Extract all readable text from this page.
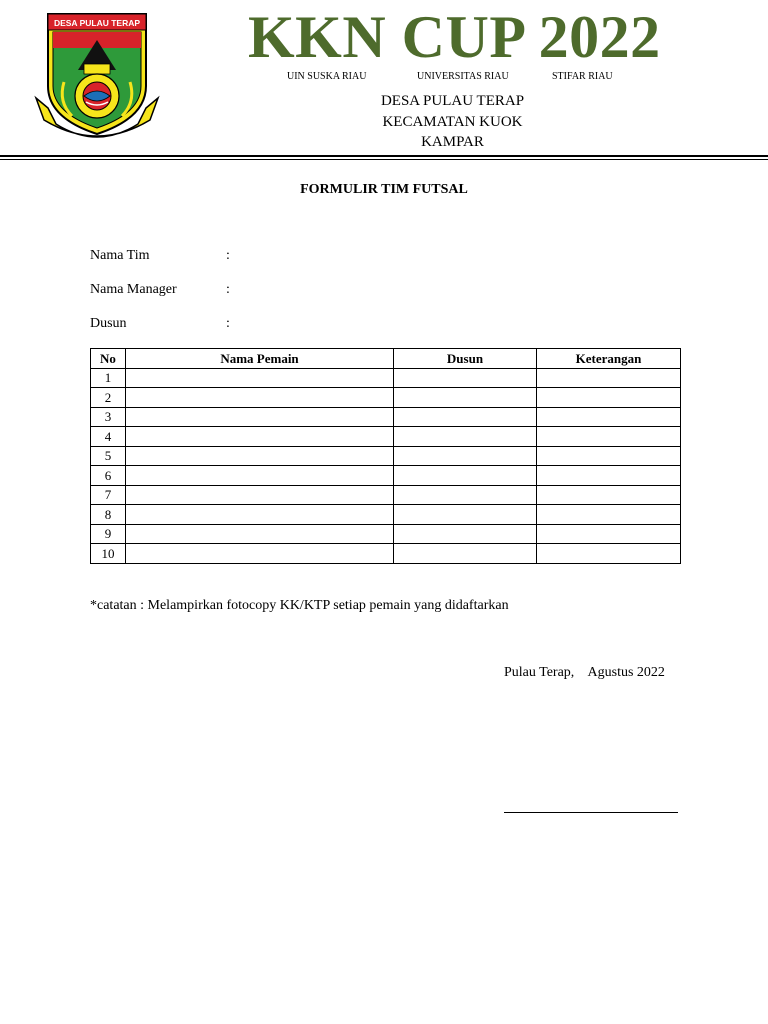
DESA PULAU TERAP KKN CUP 2022
UIN SUSKA RIAU	UNIVERSITAS RIAU	STIFAR RIAU
DESA PULAU TERAP
KECAMATAN KUOK
KAMPAR
FORMULIR TIM FUTSAL
Nama Tim	:
Nama Manager	:
Dusun	:
No	Nama Pemain	Dusun	Keterangan
1			
2			
3			
4			
5			
6			
7			
8			
9			
10			
*catatan : Melampirkan fotocopy KK/KTP setiap pemain yang didaftarkan
Pulau Terap,    Agustus 2022
